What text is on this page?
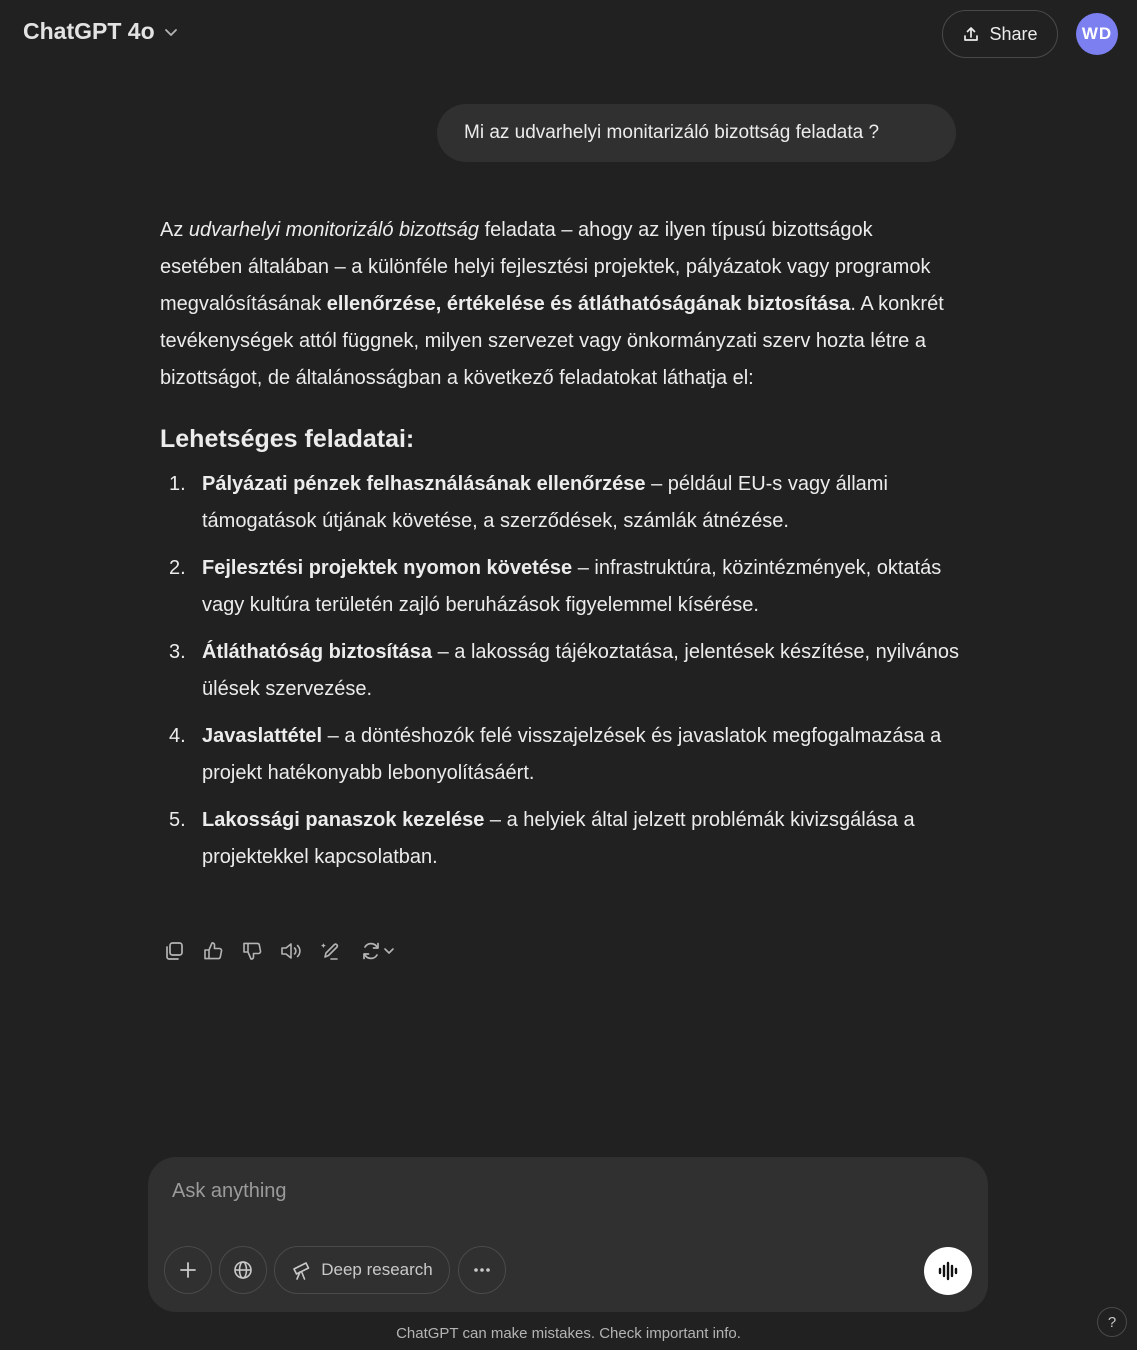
ChatGPT 4o	Share	WD
Mi az udvarhelyi monitarizáló bizottság feladata ?

Az udvarhelyi monitorizáló bizottság feladata – ahogy az ilyen típusú bizottságok esetében általában – a különféle helyi fejlesztési projektek, pályázatok vagy programok megvalósításának ellenőrzése, értékelése és átláthatóságának biztosítása. A konkrét tevékenységek attól függnek, milyen szervezet vagy önkormányzati szerv hozta létre a bizottságot, de általánosságban a következő feladatokat láthatja el:

Lehetséges feladatai:
1. Pályázati pénzek felhasználásának ellenőrzése – például EU-s vagy állami támogatások útjának követése, a szerződések, számlák átnézése.
2. Fejlesztési projektek nyomon követése – infrastruktúra, közintézmények, oktatás vagy kultúra területén zajló beruházások figyelemmel kísérése.
3. Átláthatóság biztosítása – a lakosság tájékoztatása, jelentések készítése, nyilvános ülések szervezése.
4. Javaslattétel – a döntéshozók felé visszajelzések és javaslatok megfogalmazása a projekt hatékonyabb lebonyolításáért.
5. Lakossági panaszok kezelése – a helyiek által jelzett problémák kivizsgálása a projektekkel kapcsolatban.
Ask anything
Deep research
ChatGPT can make mistakes. Check important info.
?
